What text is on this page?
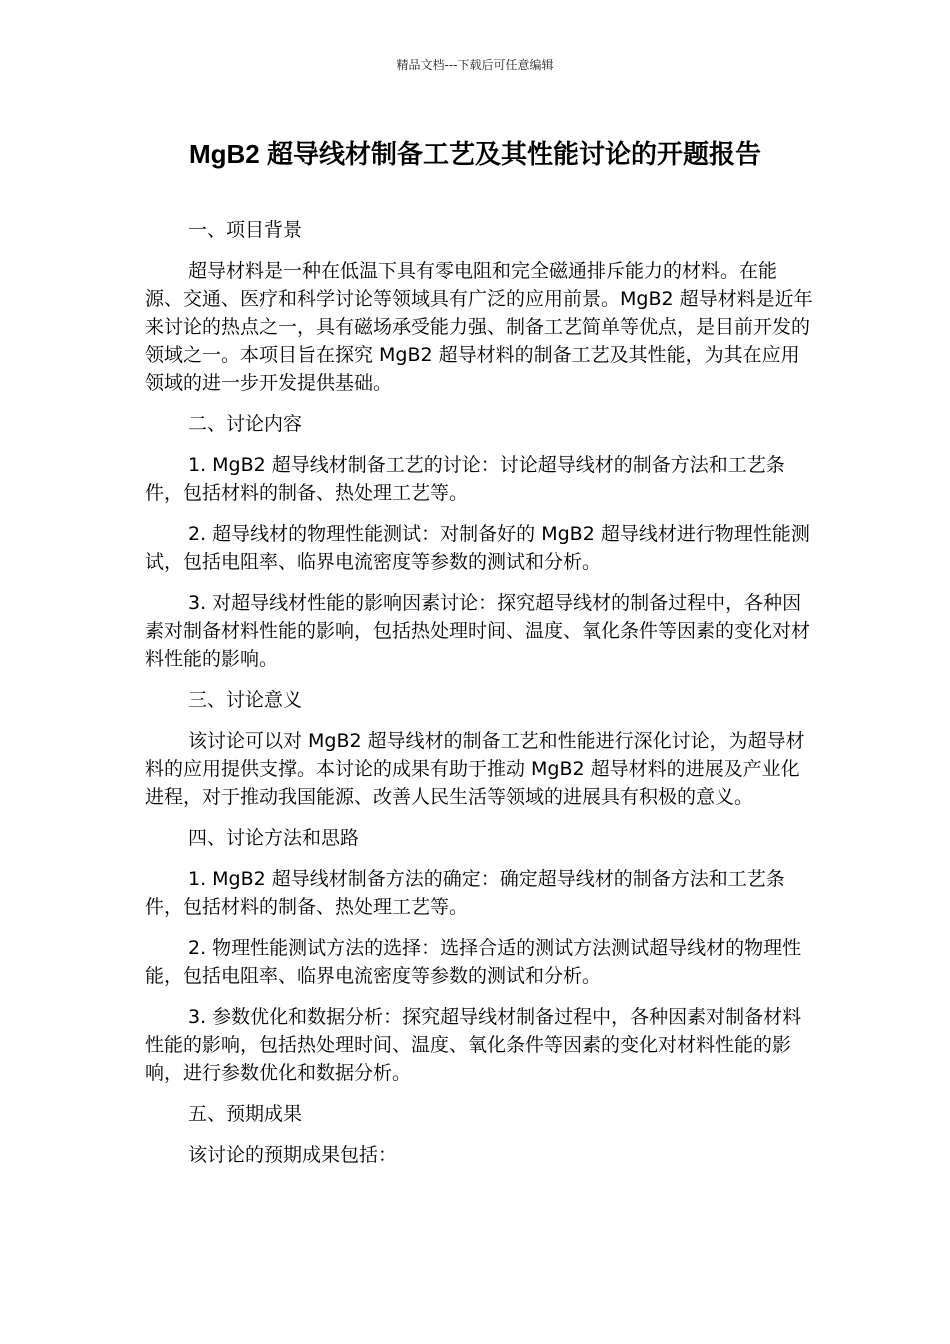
精品文档---下载后可任意编辑
MgB2 超导线材制备工艺及其性能讨论的开题报告
一、项目背景

超导材料是一种在低温下具有零电阻和完全磁通排斥能力的材料。在能源、交通、医疗和科学讨论等领域具有广泛的应用前景。MgB2 超导材料是近年来讨论的热点之一，具有磁场承受能力强、制备工艺简单等优点，是目前开发的领域之一。本项目旨在探究 MgB2 超导材料的制备工艺及其性能，为其在应用领域的进一步开发提供基础。

二、讨论内容

1. MgB2 超导线材制备工艺的讨论：讨论超导线材的制备方法和工艺条件，包括材料的制备、热处理工艺等。

2. 超导线材的物理性能测试：对制备好的 MgB2 超导线材进行物理性能测试，包括电阻率、临界电流密度等参数的测试和分析。

3. 对超导线材性能的影响因素讨论：探究超导线材的制备过程中，各种因素对制备材料性能的影响，包括热处理时间、温度、氧化条件等因素的变化对材料性能的影响。

三、讨论意义

该讨论可以对 MgB2 超导线材的制备工艺和性能进行深化讨论，为超导材料的应用提供支撑。本讨论的成果有助于推动 MgB2 超导材料的进展及产业化进程，对于推动我国能源、改善人民生活等领域的进展具有积极的意义。

四、讨论方法和思路

1. MgB2 超导线材制备方法的确定：确定超导线材的制备方法和工艺条件，包括材料的制备、热处理工艺等。

2. 物理性能测试方法的选择：选择合适的测试方法测试超导线材的物理性能，包括电阻率、临界电流密度等参数的测试和分析。

3. 参数优化和数据分析：探究超导线材制备过程中，各种因素对制备材料性能的影响，包括热处理时间、温度、氧化条件等因素的变化对材料性能的影响，进行参数优化和数据分析。

五、预期成果

该讨论的预期成果包括：
